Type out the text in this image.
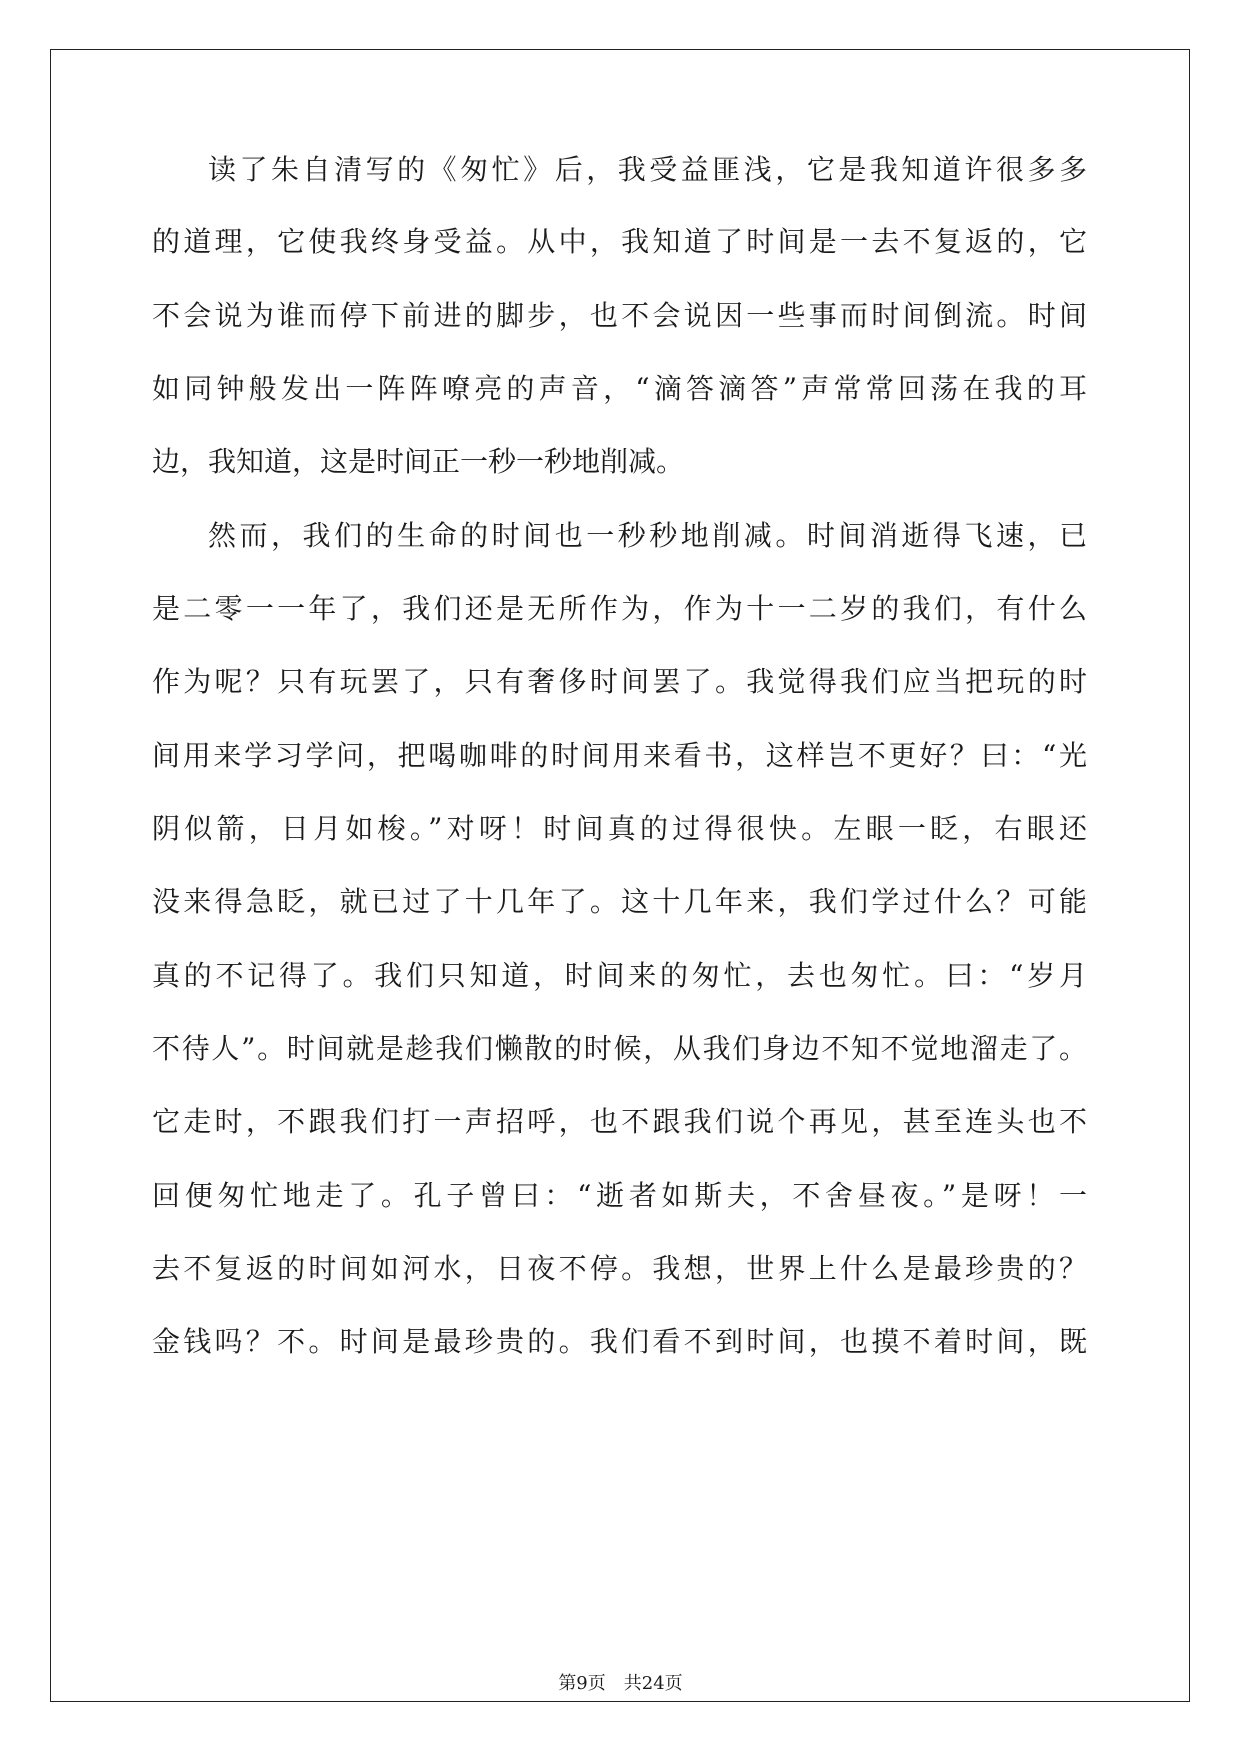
读了朱自清写的《匆忙》后，我受益匪浅，它是我知道许很多多
的道理，它使我终身受益。从中，我知道了时间是一去不复返的，它
不会说为谁而停下前进的脚步，也不会说因一些事而时间倒流。时间
如同钟般发出一阵阵嘹亮的声音，“滴答滴答”声常常回荡在我的耳
边，我知道，这是时间正一秒一秒地削减。
然而，我们的生命的时间也一秒秒地削减。时间消逝得飞速，已
是二零一一年了，我们还是无所作为，作为十一二岁的我们，有什么
作为呢？只有玩罢了，只有奢侈时间罢了。我觉得我们应当把玩的时
间用来学习学问，把喝咖啡的时间用来看书，这样岂不更好？曰：“光
阴似箭，日月如梭。”对呀！时间真的过得很快。左眼一眨，右眼还
没来得急眨，就已过了十几年了。这十几年来，我们学过什么？可能
真的不记得了。我们只知道，时间来的匆忙，去也匆忙。曰：“岁月
不待人”。时间就是趁我们懒散的时候，从我们身边不知不觉地溜走了。
它走时，不跟我们打一声招呼，也不跟我们说个再见，甚至连头也不
回便匆忙地走了。孔子曾曰：“逝者如斯夫，不舍昼夜。”是呀！一
去不复返的时间如河水，日夜不停。我想，世界上什么是最珍贵的？
金钱吗？不。时间是最珍贵的。我们看不到时间，也摸不着时间，既
第9页 共24页
